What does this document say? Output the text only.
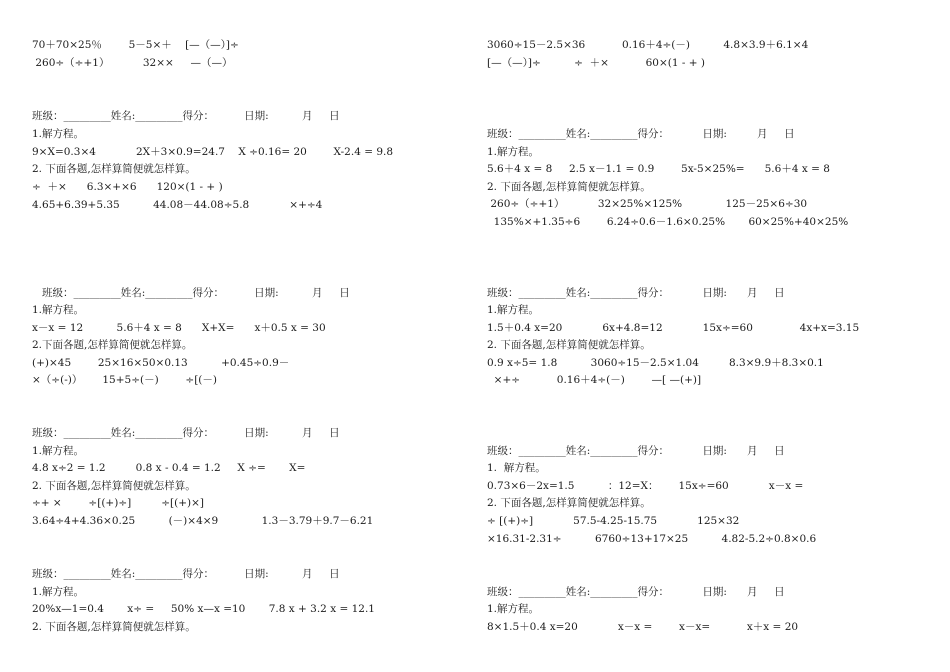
70＋70×25％        5－5×＋    [—（—）]÷
260÷（÷+1）          32××     —（—）
班级：_________姓名:_________得分：         日期:          月     日
1.解方程。
9×X=0.3×4            2X＋3×0.9=24.7    X ÷0.16= 20        X-2.4 = 9.8
2. 下面各题,怎样算简便就怎样算。
÷  ＋×      6.3×+×6      120×(1 - + )
4.65+6.39+5.35          44.08－44.08÷5.8            ×+÷4
班级：_________姓名:_________得分：         日期:          月     日
1.解方程。
x－x = 12          5.6＋4 x = 8      X+X=      x＋0.5 x = 30
2.下面各题,怎样算简便就怎样算。
(+)×45        25×16×50×0.13          +0.45÷0.9－
×（÷(-)）      15+5÷(－)        ÷[(－)
班级：_________姓名:_________得分：         日期:          月     日
1.解方程。
4.8 x÷2 = 1.2         0.8 x - 0.4 = 1.2     X ÷=       X=
2. 下面各题,怎样算简便就怎样算。
÷+ ×        ÷[(+)÷]         ÷[(+)×]
3.64÷4+4.36×0.25          (－)×4×9             1.3－3.79＋9.7－6.21
班级：_________姓名:_________得分：         日期:          月     日
1.解方程。
20%x—1=0.4       x÷ =     50% x—x =10       7.8 x + 3.2 x = 12.1
2. 下面各题,怎样算简便就怎样算。
3060÷15－2.5×36           0.16＋4÷(－)          4.8×3.9＋6.1×4
[—（—）]÷          ÷  ＋×           60×(1 - + )
班级：_________姓名:_________得分：          日期:         月     日
1.解方程。
5.6＋4 x = 8     2.5 x－1.1 = 0.9        5x-5×25%=      5.6＋4 x = 8
2. 下面各题,怎样算简便就怎样算。
260÷（÷+1）          32×25%×125%             125－25×6÷30
135%×+1.35÷6        6.24÷0.6－1.6×0.25%       60×25%+40×25%
班级：_________姓名:_________得分：          日期:      月     日
1.解方程。
1.5＋0.4 x=20            6x+4.8=12            15x÷=60              4x+x=3.15
2. 下面各题,怎样算简便就怎样算。
0.9 x÷5= 1.8          3060÷15－2.5×1.04         8.3×9.9＋8.3×0.1
×+÷           0.16＋4÷(－)        —[ —(+)]
班级：_________姓名:_________得分：          日期:      月     日
1.  解方程。
0.73×6－2x=1.5          ：12=X：      15x÷=60            x－x =
2. 下面各题,怎样算简便就怎样算。
÷ [(+)÷]            57.5-4.25-15.75            125×32
×16.31-2.31÷          6760÷13+17×25          4.82-5.2÷0.8×0.6
班级：_________姓名:_________得分：          日期:      月     日
1.解方程。
8×1.5＋0.4 x=20            x－x =        x－x=           x＋x = 20
